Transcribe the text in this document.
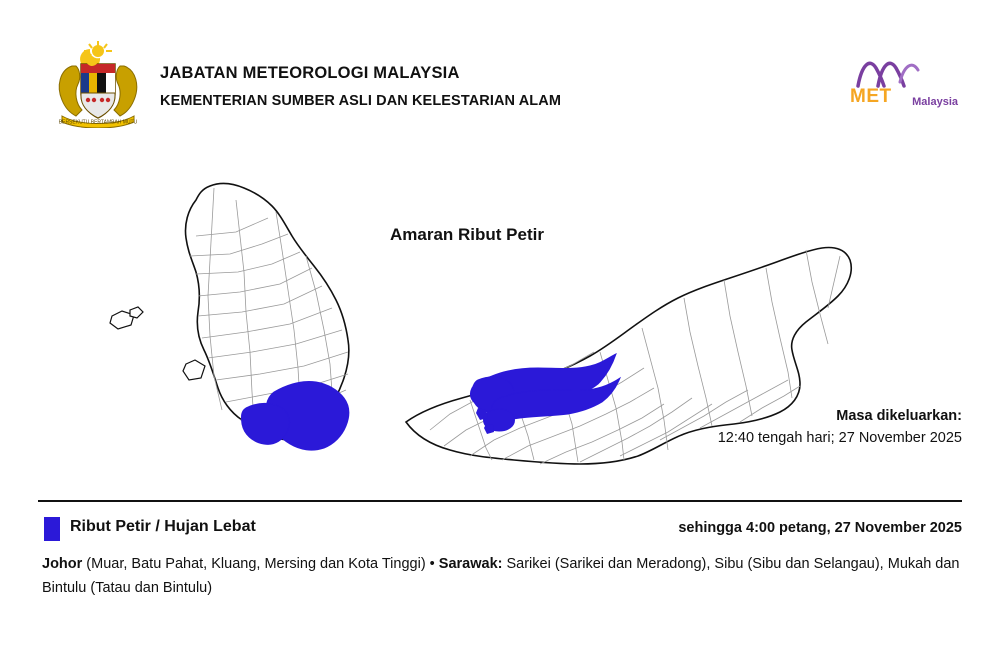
BERSEKUTU BERTAMBAH MUTU
JABATAN METEOROLOGI MALAYSIA
KEMENTERIAN SUMBER ASLI DAN KELESTARIAN ALAM	MET Malaysia
Amaran Ribut Petir
Masa dikeluarkan:
12:40 tengah hari; 27 November 2025
Ribut Petir / Hujan Lebat	sehingga 4:00 petang, 27 November 2025
Johor (Muar, Batu Pahat, Kluang, Mersing dan Kota Tinggi) • Sarawak: Sarikei (Sarikei dan Meradong), Sibu (Sibu dan Selangau), Mukah dan Bintulu (Tatau dan Bintulu)
